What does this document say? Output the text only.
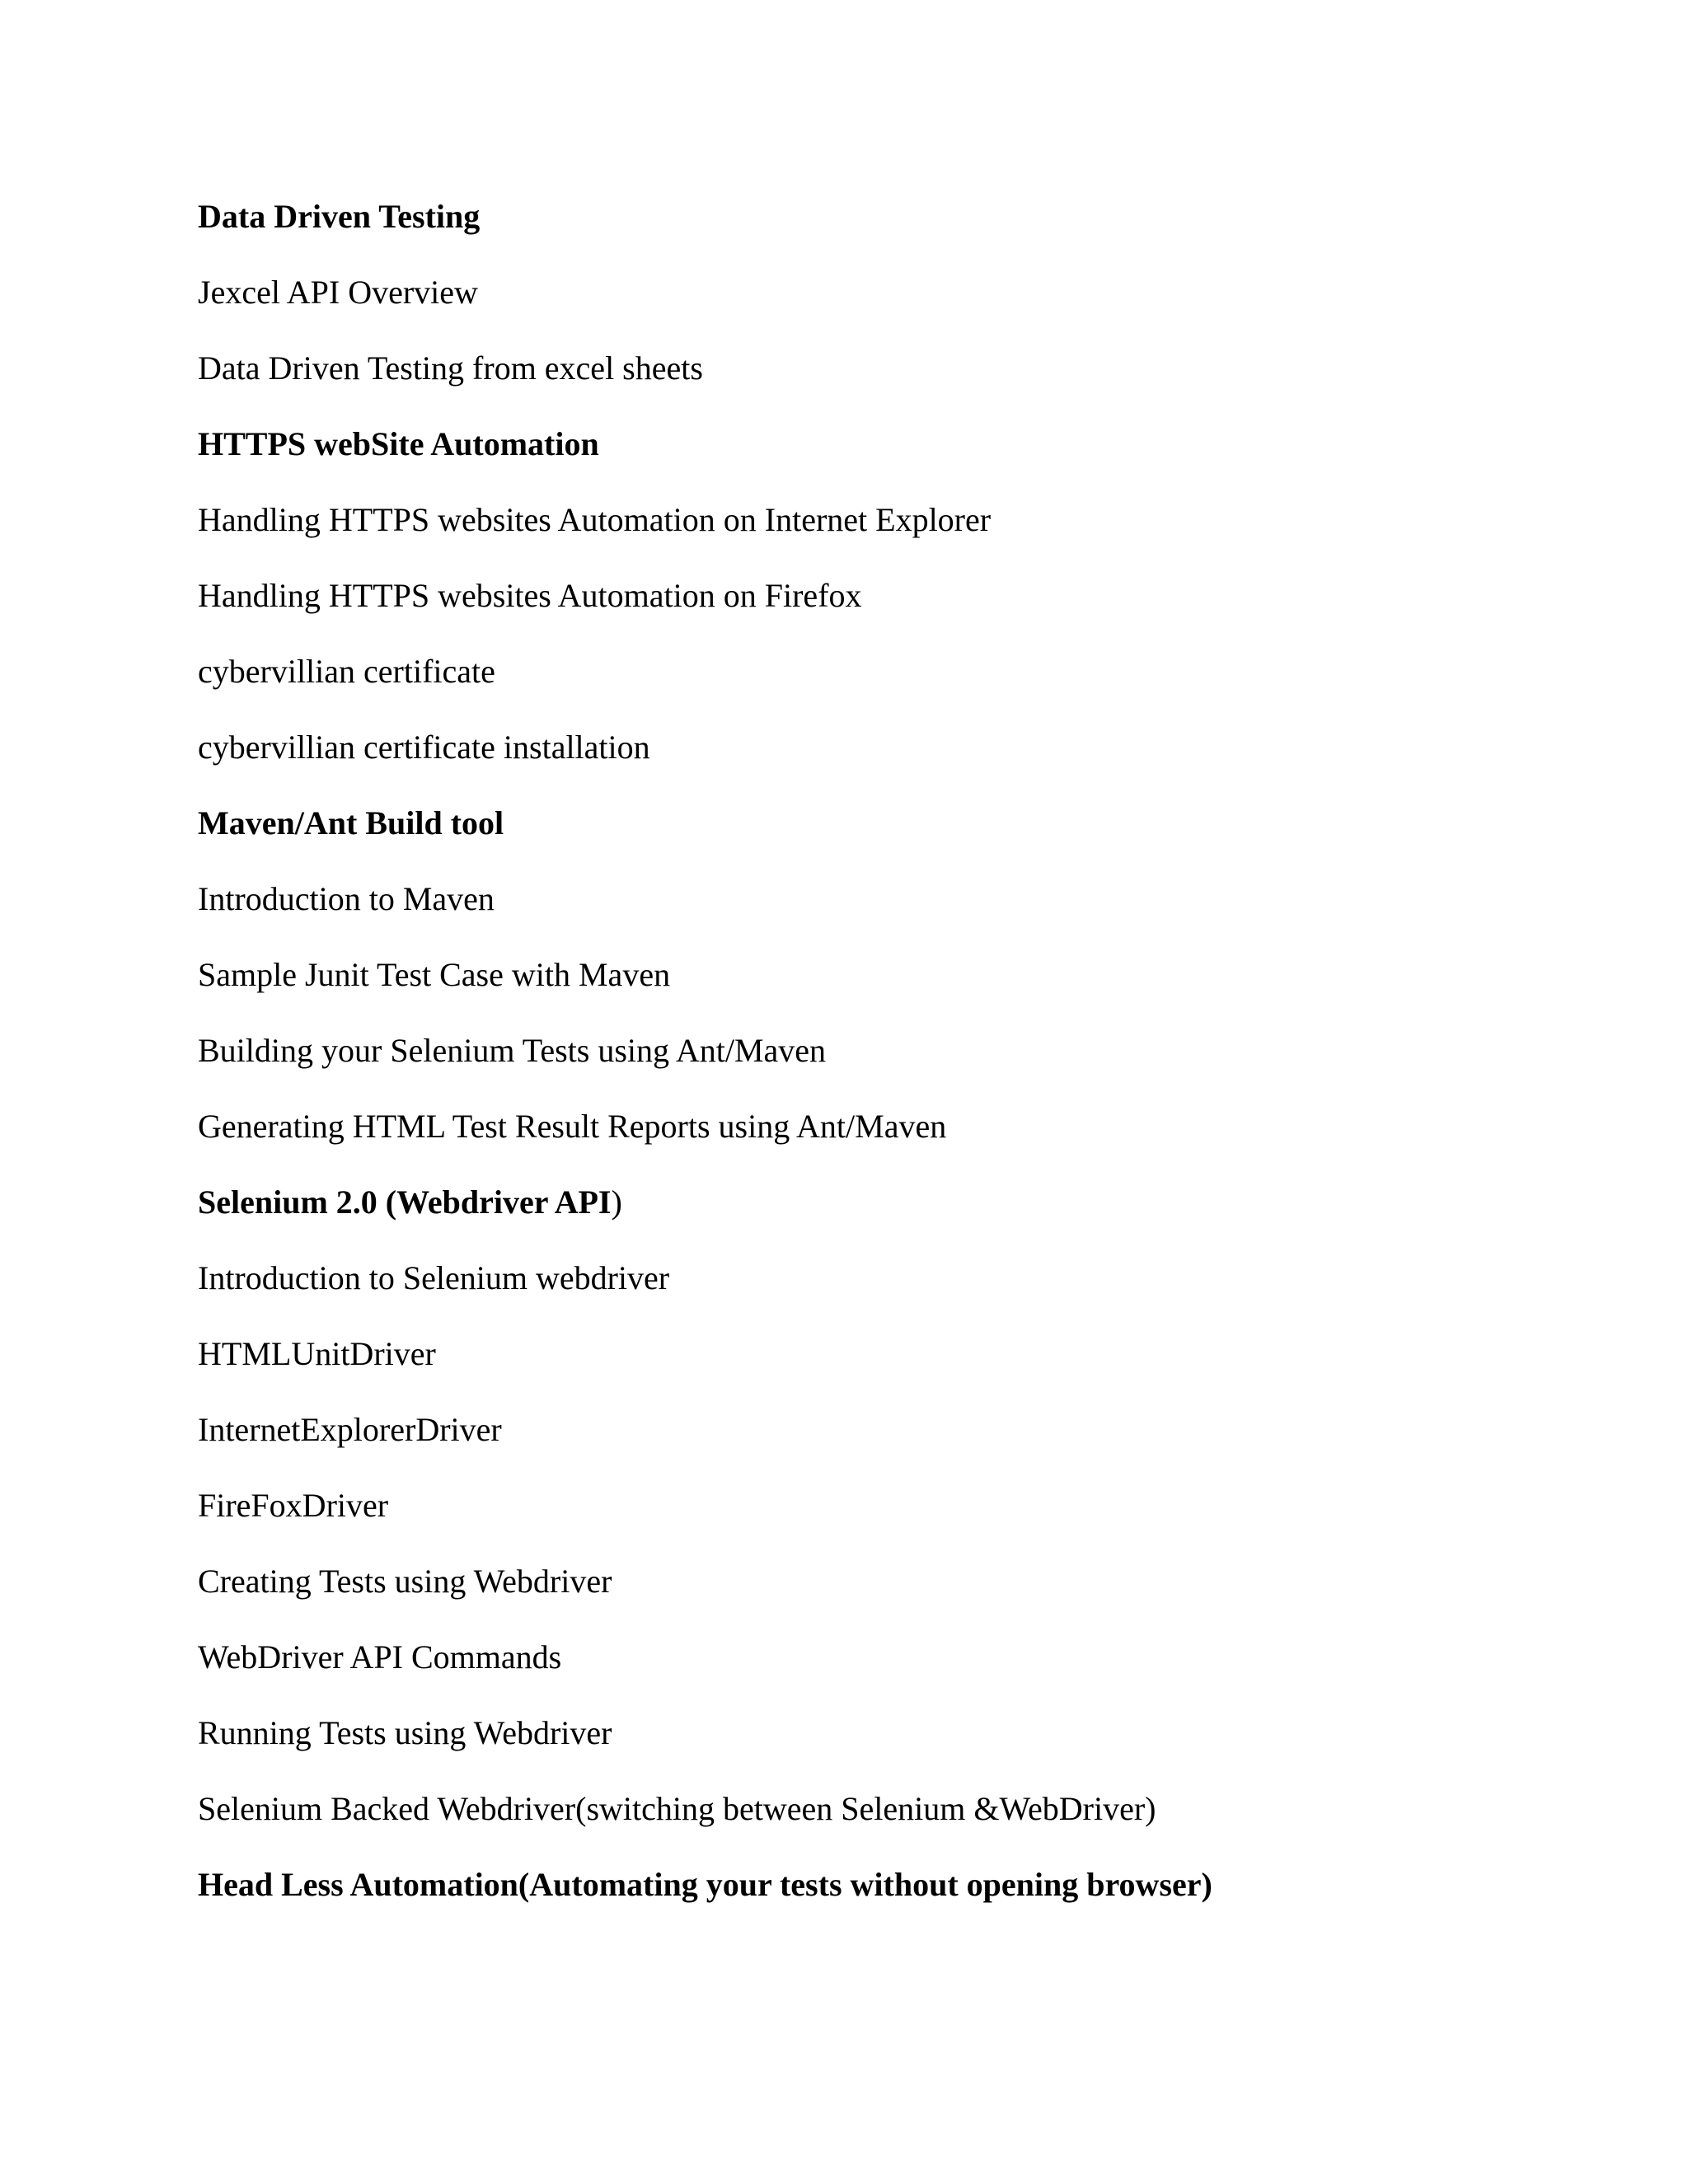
Data Driven Testing
Jexcel API Overview
Data Driven Testing from excel sheets
HTTPS webSite Automation
Handling HTTPS websites Automation on Internet Explorer
Handling HTTPS websites Automation on Firefox
cybervillian certificate
cybervillian certificate installation
Maven/Ant Build tool
Introduction to Maven
Sample Junit Test Case with Maven
Building your Selenium Tests using Ant/Maven
Generating HTML Test Result Reports using Ant/Maven
Selenium 2.0 (Webdriver API)
Introduction to Selenium webdriver
HTMLUnitDriver
InternetExplorerDriver
FireFoxDriver
Creating Tests using Webdriver
WebDriver API Commands
Running Tests using Webdriver
Selenium Backed Webdriver(switching between Selenium &WebDriver)
Head Less Automation(Automating your tests without opening browser)
